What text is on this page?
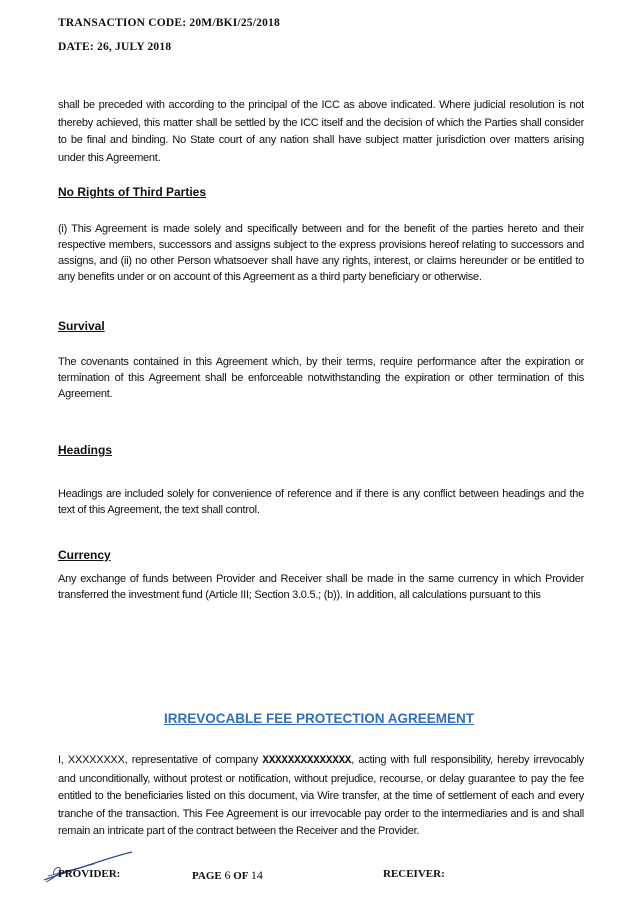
TRANSACTION CODE: 20M/BKI/25/2018
DATE: 26, JULY 2018
shall be preceded with according to the principal of the ICC as above indicated. Where judicial resolution is not thereby achieved, this matter shall be settled by the ICC itself and the decision of which the Parties shall consider to be final and binding. No State court of any nation shall have subject matter jurisdiction over matters arising under this Agreement.
No Rights of Third Parties
(i) This Agreement is made solely and specifically between and for the benefit of the parties hereto and their respective members, successors and assigns subject to the express provisions hereof relating to successors and assigns, and (ii) no other Person whatsoever shall have any rights, interest, or claims hereunder or be entitled to any benefits under or on account of this Agreement as a third party beneficiary or otherwise.
Survival
The covenants contained in this Agreement which, by their terms, require performance after the expiration or termination of this Agreement shall be enforceable notwithstanding the expiration or other termination of this Agreement.
Headings
Headings are included solely for convenience of reference and if there is any conflict between headings and the text of this Agreement, the text shall control.
Currency
Any exchange of funds between Provider and Receiver shall be made in the same currency in which Provider transferred the investment fund (Article III; Section 3.0.5.; (b)). In addition, all calculations pursuant to this
IRREVOCABLE FEE PROTECTION AGREEMENT
I, XXXXXXXX, representative of company XXXXXXXXXXXXXX, acting with full responsibility, hereby irrevocably and unconditionally, without protest or notification, without prejudice, recourse, or delay guarantee to pay the fee entitled to the beneficiaries listed on this document, via Wire transfer, at the time of settlement of each and every tranche of the transaction. This Fee Agreement is our irrevocable pay order to the intermediaries and is and shall remain an intricate part of the contract between the Receiver and the Provider.
PROVIDER:	PAGE 6 OF 14	RECEIVER:
